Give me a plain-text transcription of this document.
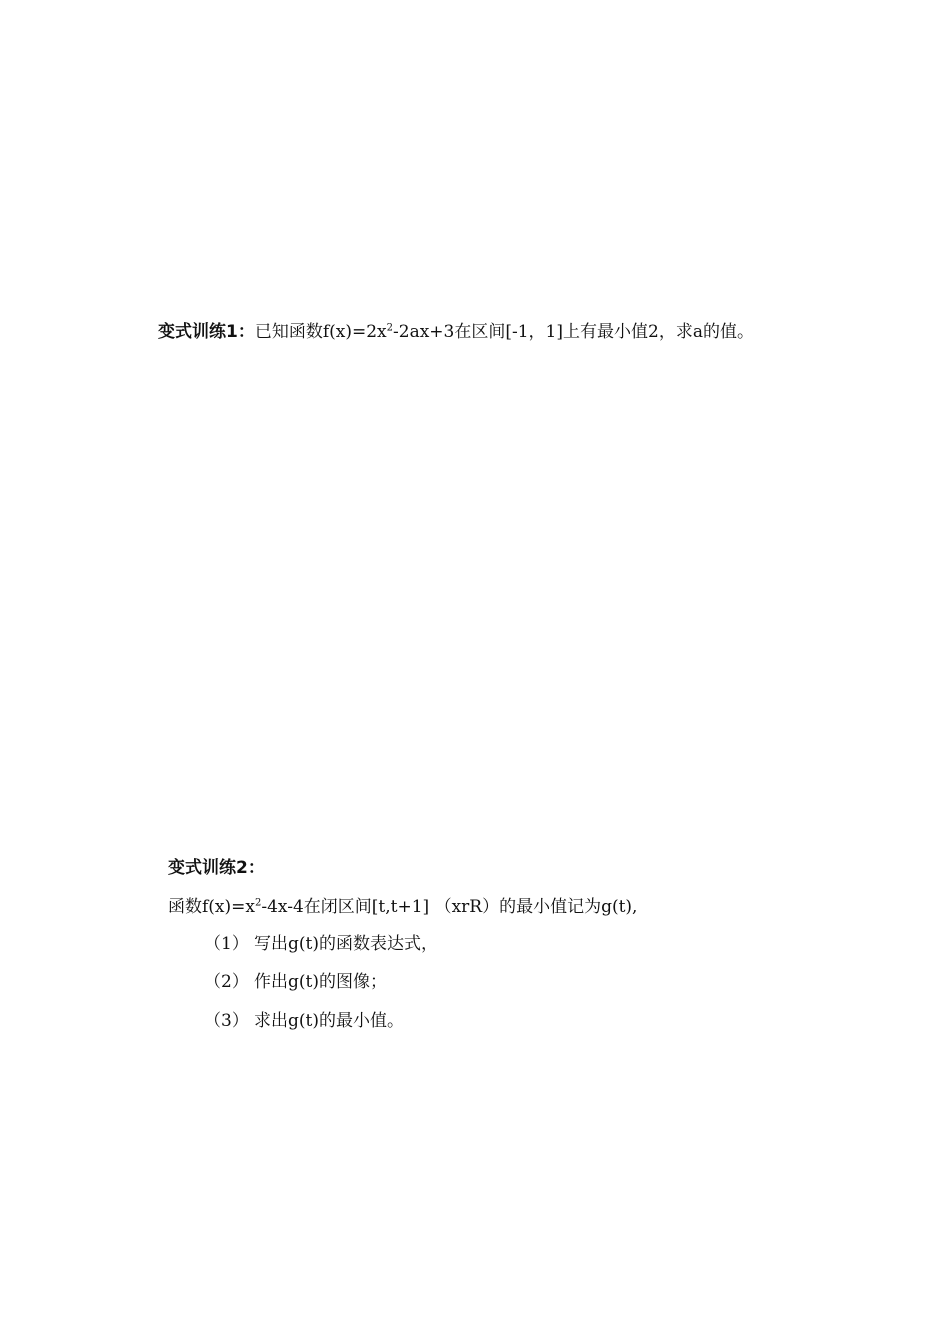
变式训练1：已知函数$f(x)=2x^2-2ax+3$在区间[-1，1]上有最小值2，求a的值。
变式训练2：
函数$f(x)=x^2-4x-4$在闭区间[t,t+1] （xrR）的最小值记为g(t),
（1） 写出g(t)的函数表达式，
（2） 作出g(t)的图像；
（3） 求出g(t)的最小值。
